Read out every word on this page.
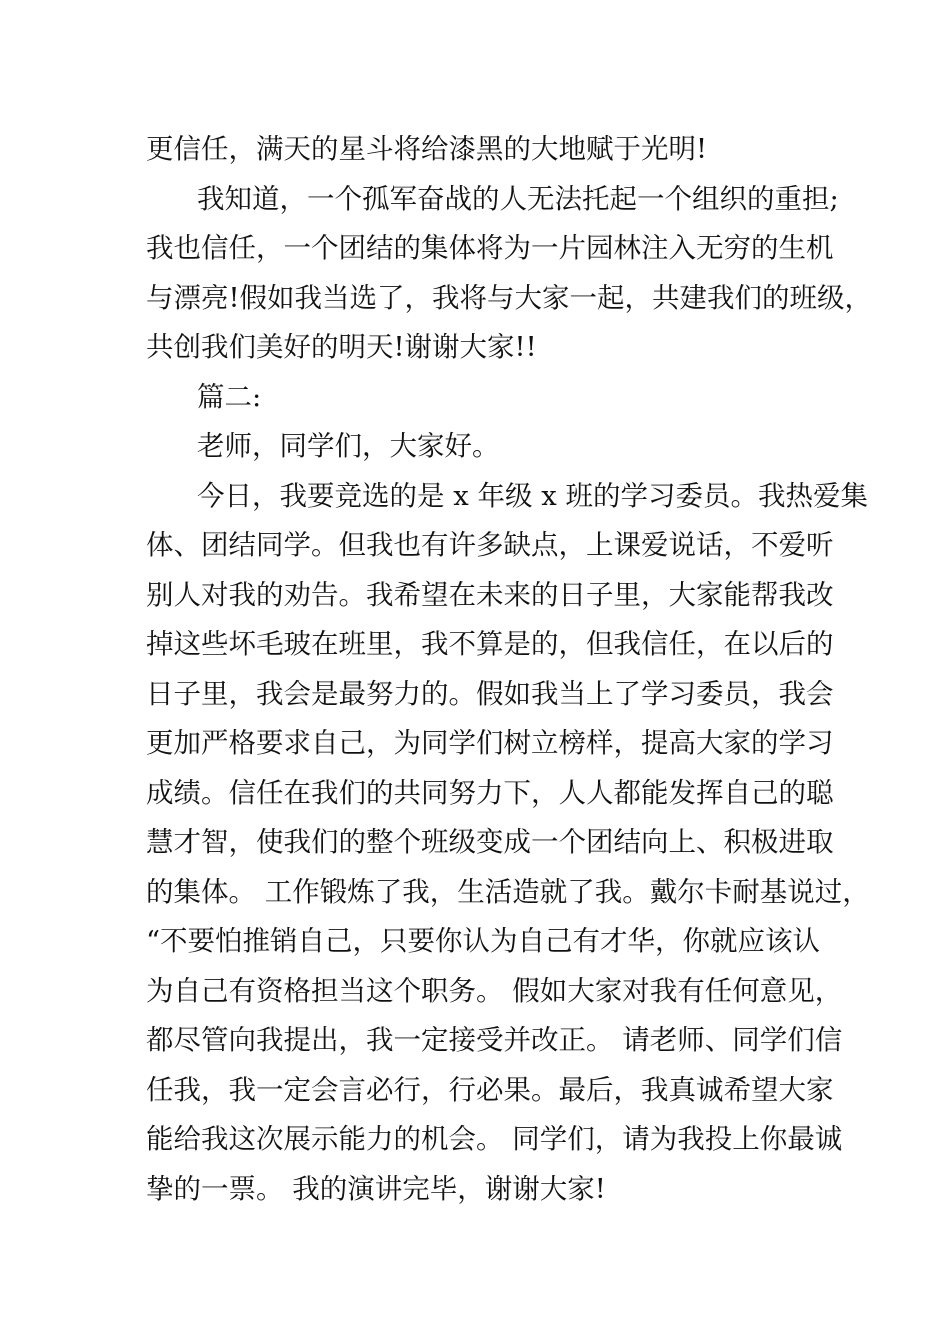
更信任，满天的星斗将给漆黑的大地赋于光明!
我知道，一个孤军奋战的人无法托起一个组织的重担;
我也信任，一个团结的集体将为一片园林注入无穷的生机
与漂亮!假如我当选了，我将与大家一起，共建我们的班级，
共创我们美好的明天!谢谢大家!!
篇二:
老师，同学们，大家好。
今日，我要竞选的是 x 年级 x 班的学习委员。我热爱集
体、团结同学。但我也有许多缺点，上课爱说话，不爱听
别人对我的劝告。我希望在未来的日子里，大家能帮我改
掉这些坏毛玻在班里，我不算是的，但我信任，在以后的
日子里，我会是最努力的。假如我当上了学习委员，我会
更加严格要求自己，为同学们树立榜样，提高大家的学习
成绩。信任在我们的共同努力下，人人都能发挥自己的聪
慧才智，使我们的整个班级变成一个团结向上、积极进取
的集体。 工作锻炼了我，生活造就了我。戴尔卡耐基说过，
“不要怕推销自己，只要你认为自己有才华，你就应该认
为自己有资格担当这个职务。 假如大家对我有任何意见，
都尽管向我提出，我一定接受并改正。 请老师、同学们信
任我，我一定会言必行，行必果。最后，我真诚希望大家
能给我这次展示能力的机会。 同学们，请为我投上你最诚
挚的一票。 我的演讲完毕，谢谢大家!
